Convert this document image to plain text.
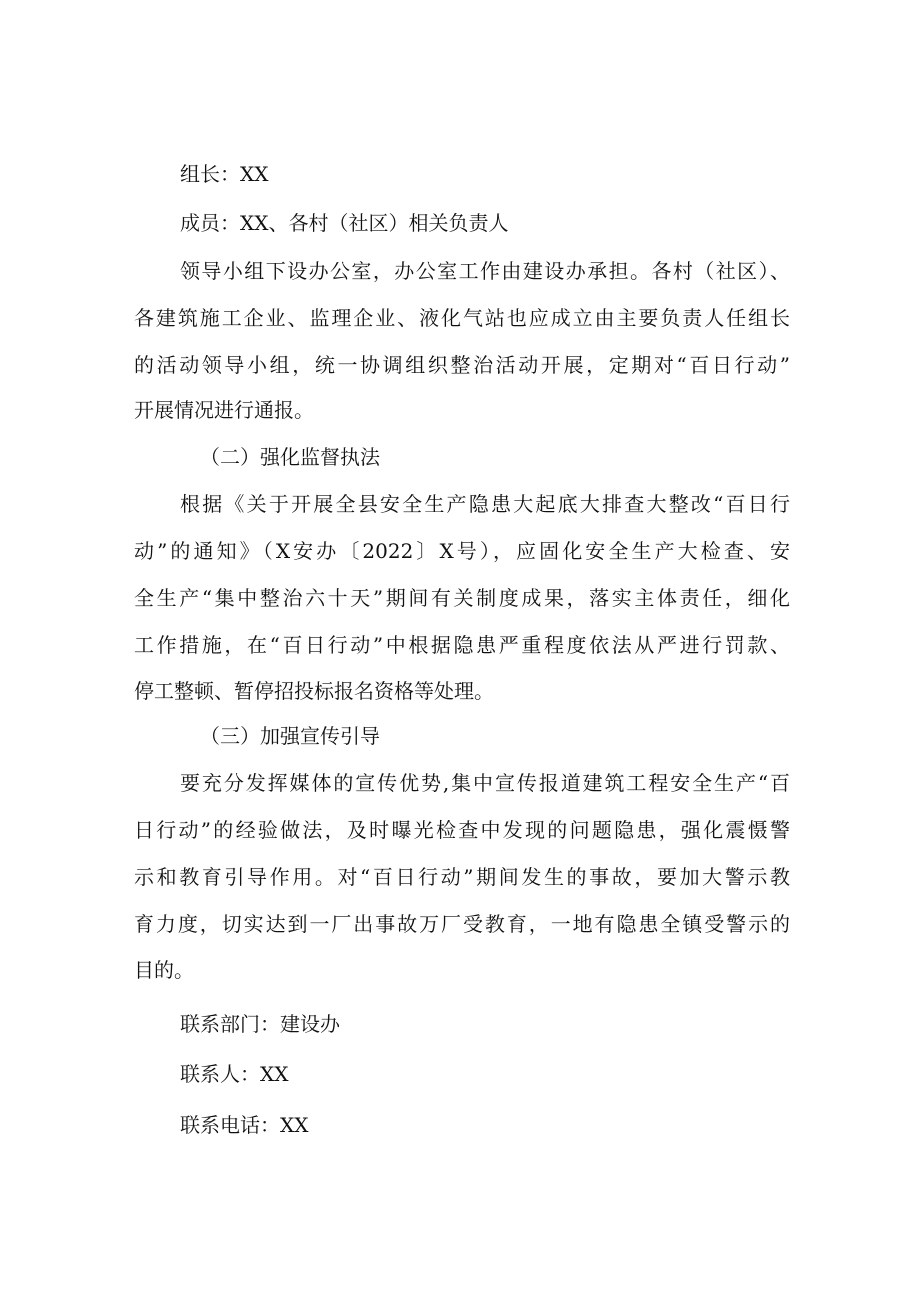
组长：XX
成员：XX、各村（社区）相关负责人
领导小组下设办公室，办公室工作由建设办承担。各村（社区）、
各建筑施工企业、监理企业、液化气站也应成立由主要负责人任组长
的活动领导小组，统一协调组织整治活动开展，定期对“百日行动”
开展情况进行通报。
（二）强化监督执法
根据《关于开展全县安全生产隐患大起底大排查大整改“百日行
动”的通知》（X安办〔2022〕X号），应固化安全生产大检查、安
全生产“集中整治六十天”期间有关制度成果，落实主体责任，细化
工作措施，在“百日行动”中根据隐患严重程度依法从严进行罚款、
停工整顿、暂停招投标报名资格等处理。
（三）加强宣传引导
要充分发挥媒体的宣传优势,集中宣传报道建筑工程安全生产“百
日行动”的经验做法，及时曝光检查中发现的问题隐患，强化震慑警
示和教育引导作用。对“百日行动”期间发生的事故，要加大警示教
育力度，切实达到一厂出事故万厂受教育，一地有隐患全镇受警示的
目的。
联系部门：建设办
联系人：XX
联系电话：XX
